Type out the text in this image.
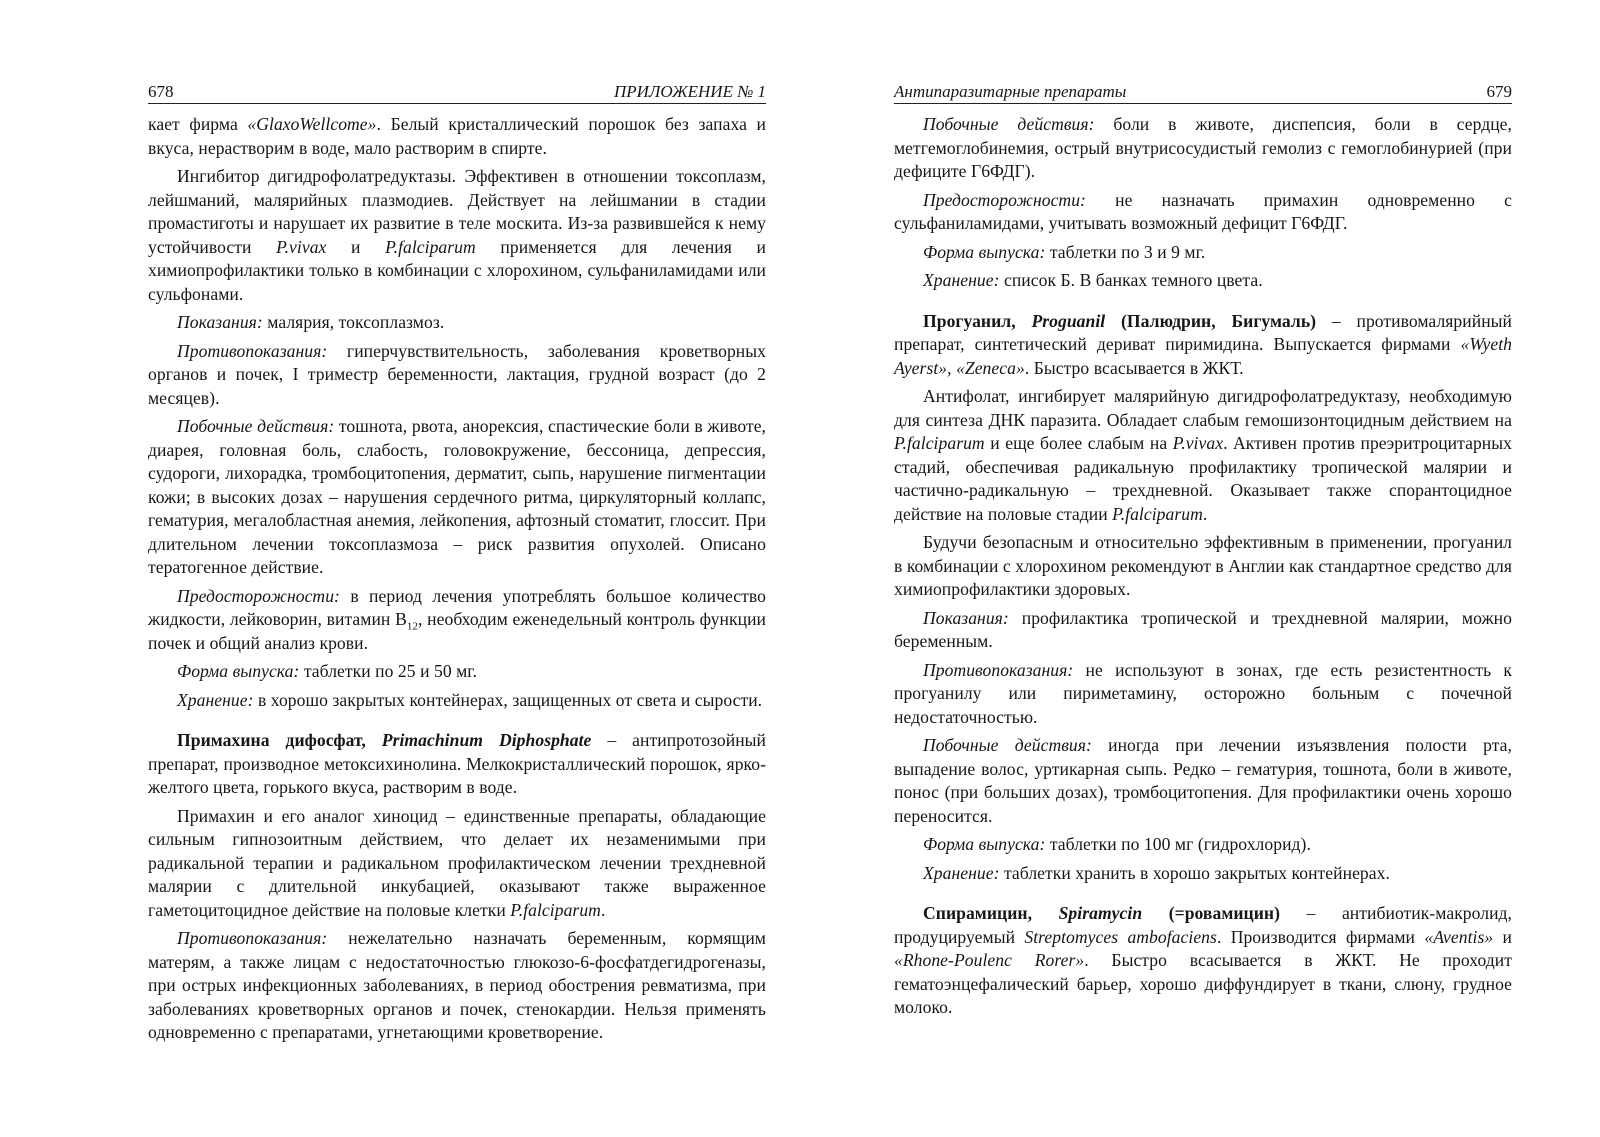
678	ПРИЛОЖЕНИЕ № 1

кает фирма «GlaxoWellcome». Белый кристаллический порошок без запаха и вкуса, нерастворим в воде, мало растворим в спирте.

Ингибитор дигидрофолатредуктазы. Эффективен в отношении токсоплазм, лейшманий, малярийных плазмодиев. Действует на лейшмании в стадии промастиготы и нарушает их развитие в теле москита. Из-за развившейся к нему устойчивости P.vivax и P.falciparum применяется для лечения и химиопрофилактики только в комбинации с хлорохином, сульфаниламидами или сульфонами.

Показания: малярия, токсоплазмоз.

Противопоказания: гиперчувствительность, заболевания кроветворных органов и почек, I триместр беременности, лактация, грудной возраст (до 2 месяцев).

Побочные действия: тошнота, рвота, анорексия, спастические боли в животе, диарея, головная боль, слабость, головокружение, бессоница, депрессия, судороги, лихорадка, тромбоцитопения, дерматит, сыпь, нарушение пигментации кожи; в высоких дозах – нарушения сердечного ритма, циркуляторный коллапс, гематурия, мегалобластная анемия, лейкопения, афтозный стоматит, глоссит. При длительном лечении токсоплазмоза – риск развития опухолей. Описано тератогенное действие.

Предосторожности: в период лечения употреблять большое количество жидкости, лейковорин, витамин $B_{12}$, необходим еженедельный контроль функции почек и общий анализ крови.

Форма выпуска: таблетки по 25 и 50 мг.

Хранение: в хорошо закрытых контейнерах, защищенных от света и сырости.

Примахина дифосфат, Primachinum Diphosphate – антипротозойный препарат, производное метоксихинолина. Мелкокристаллический порошок, ярко-желтого цвета, горького вкуса, растворим в воде.

Примахин и его аналог хиноцид – единственные препараты, обладающие сильным гипнозоитным действием, что делает их незаменимыми при радикальной терапии и радикальном профилактическом лечении трехдневной малярии с длительной инкубацией, оказывают также выраженное гаметоцитоцидное действие на половые клетки P.falciparum.

Противопоказания: нежелательно назначать беременным, кормящим матерям, а также лицам с недостаточностью глюкозо-6-фосфатдегидрогеназы, при острых инфекционных заболеваниях, в период обострения ревматизма, при заболеваниях кроветворных органов и почек, стенокардии. Нельзя применять одновременно с препаратами, угнетающими кроветворение.

Антипаразитарные препараты	679

Побочные действия: боли в животе, диспепсия, боли в сердце, метгемоглобинемия, острый внутрисосудистый гемолиз с гемоглобинурией (при дефиците Г6ФДГ).

Предосторожности: не назначать примахин одновременно с сульфаниламидами, учитывать возможный дефицит Г6ФДГ.

Форма выпуска: таблетки по 3 и 9 мг.

Хранение: список Б. В банках темного цвета.

Прогуанил, Proguanil (Палюдрин, Бигумаль) – противомалярийный препарат, синтетический дериват пиримидина. Выпускается фирмами «Wyeth Ayerst», «Zeneca». Быстро всасывается в ЖКТ.

Антифолат, ингибирует малярийную дигидрофолатредуктазу, необходимую для синтеза ДНК паразита. Обладает слабым гемошизонтоцидным действием на P.falciparum и еще более слабым на P.vivax. Активен против преэритроцитарных стадий, обеспечивая радикальную профилактику тропической малярии и частично-радикальную – трехдневной. Оказывает также спорантоцидное действие на половые стадии P.falciparum.

Будучи безопасным и относительно эффективным в применении, прогуанил в комбинации с хлорохином рекомендуют в Англии как стандартное средство для химиопрофилактики здоровых.

Показания: профилактика тропической и трехдневной малярии, можно беременным.

Противопоказания: не используют в зонах, где есть резистентность к прогуанилу или пириметамину, осторожно больным с почечной недостаточностью.

Побочные действия: иногда при лечении изъязвления полости рта, выпадение волос, уртикарная сыпь. Редко – гематурия, тошнота, боли в животе, понос (при больших дозах), тромбоцитопения. Для профилактики очень хорошо переносится.

Форма выпуска: таблетки по 100 мг (гидрохлорид).

Хранение: таблетки хранить в хорошо закрытых контейнерах.

Спирамицин, Spiramycin (=ровамицин) – антибиотик-макролид, продуцируемый Streptomyces ambofaciens. Производится фирмами «Aventis» и «Rhone-Poulenc Rorer». Быстро всасывается в ЖКТ. Не проходит гематоэнцефалический барьер, хорошо диффундирует в ткани, слюну, грудное молоко.
